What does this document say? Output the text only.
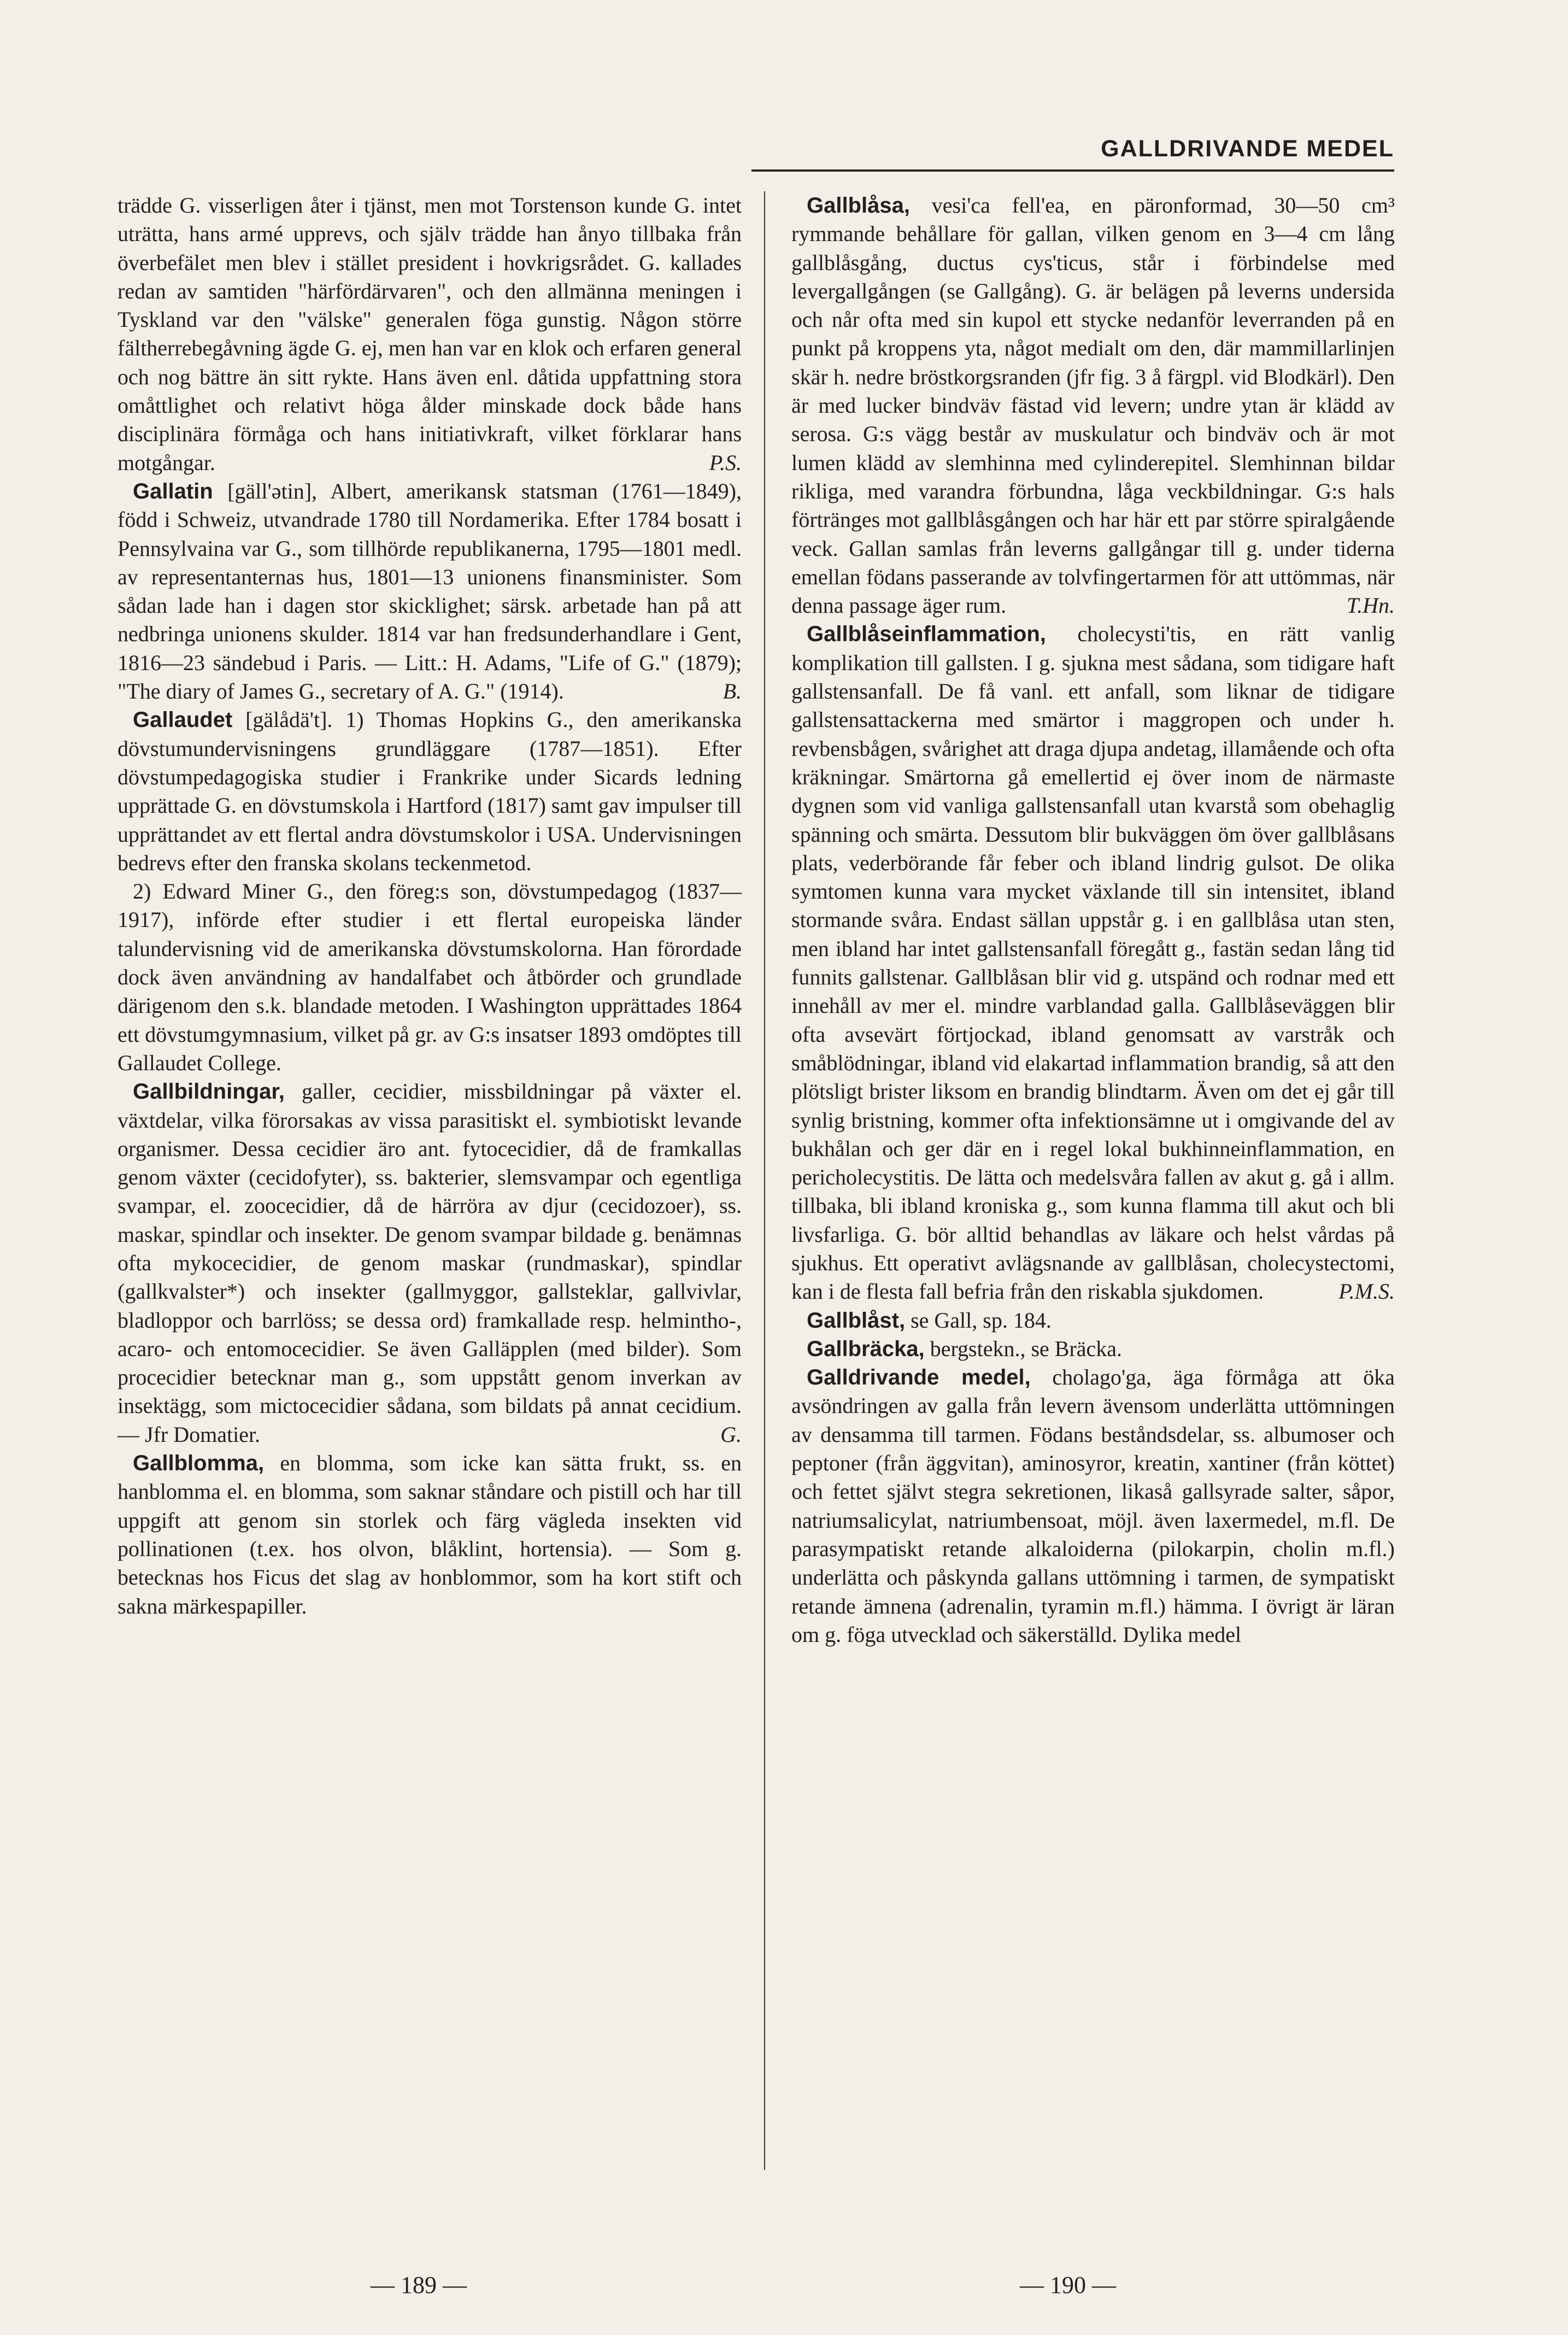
GALLDRIVANDE MEDEL

trädde G. visserligen åter i tjänst, men mot Torstenson kunde G. intet uträtta, hans armé upprevs, och själv trädde han ånyo tillbaka från överbefälet men blev i stället president i hovkrigsrådet. G. kallades redan av samtiden "härfördärvaren", och den allmänna meningen i Tyskland var den "välske" generalen föga gunstig. Någon större fältherrebegåvning ägde G. ej, men han var en klok och erfaren general och nog bättre än sitt rykte. Hans även enl. dåtida uppfattning stora omåttlighet och relativt höga ålder minskade dock både hans disciplinära förmåga och hans initiativkraft, vilket förklarar hans motgångar.	P.S.

Gallatin [gäll'ətin], Albert, amerikansk statsman (1761—1849), född i Schweiz, utvandrade 1780 till Nordamerika. Efter 1784 bosatt i Pennsylvaina var G., som tillhörde republikanerna, 1795—1801 medl. av representanternas hus, 1801—13 unionens finansminister. Som sådan lade han i dagen stor skicklighet; särsk. arbetade han på att nedbringa unionens skulder. 1814 var han fredsunderhandlare i Gent, 1816—23 sändebud i Paris. — Litt.: H. Adams, "Life of G." (1879); "The diary of James G., secretary of A. G." (1914).	B.

Gallaudet [gälådä't]. 1) Thomas Hopkins G., den amerikanska dövstumundervisningens grundläggare (1787—1851). Efter dövstumpedagogiska studier i Frankrike under Sicards ledning upprättade G. en dövstumskola i Hartford (1817) samt gav impulser till upprättandet av ett flertal andra dövstumskolor i USA. Undervisningen bedrevs efter den franska skolans teckenmetod.

2) Edward Miner G., den föreg:s son, dövstumpedagog (1837—1917), införde efter studier i ett flertal europeiska länder talundervisning vid de amerikanska dövstumskolorna. Han förordade dock även användning av handalfabet och åtbörder och grundlade därigenom den s.k. blandade metoden. I Washington upprättades 1864 ett dövstumgymnasium, vilket på gr. av G:s insatser 1893 omdöptes till Gallaudet College.

Gallbildningar, galler, cecidier, missbildningar på växter el. växtdelar, vilka förorsakas av vissa parasitiskt el. symbiotiskt levande organismer. Dessa cecidier äro ant. fytocecidier, då de framkallas genom växter (cecidofyter), ss. bakterier, slemsvampar och egentliga svampar, el. zoocecidier, då de härröra av djur (cecidozoer), ss. maskar, spindlar och insekter. De genom svampar bildade g. benämnas ofta mykocecidier, de genom maskar (rundmaskar), spindlar (gallkvalster*) och insekter (gallmyggor, gallsteklar, gallvivlar, bladloppor och barrlöss; se dessa ord) framkallade resp. helmintho-, acaro- och entomocecidier. Se även Galläpplen (med bilder). Som procecidier betecknar man g., som uppstått genom inverkan av insektägg, som mictocecidier sådana, som bildats på annat cecidium. — Jfr Domatier.	G.

Gallblomma, en blomma, som icke kan sätta frukt, ss. en hanblomma el. en blomma, som saknar ståndare och pistill och har till uppgift att genom sin storlek och färg vägleda insekten vid pollinationen (t.ex. hos olvon, blåklint, hortensia). — Som g. betecknas hos Ficus det slag av honblommor, som ha kort stift och sakna märkespapiller.

Gallblåsa, vesi'ca fell'ea, en päronformad, 30—50 cm³ rymmande behållare för gallan, vilken genom en 3—4 cm lång gallblåsgång, ductus cys'ticus, står i förbindelse med levergallgången (se Gallgång). G. är belägen på leverns undersida och når ofta med sin kupol ett stycke nedanför leverranden på en punkt på kroppens yta, något medialt om den, där mammillarlinjen skär h. nedre bröstkorgsranden (jfr fig. 3 å färgpl. vid Blodkärl). Den är med lucker bindväv fästad vid levern; undre ytan är klädd av serosa. G:s vägg består av muskulatur och bindväv och är mot lumen klädd av slemhinna med cylinderepitel. Slemhinnan bildar rikliga, med varandra förbundna, låga veckbildningar. G:s hals förtränges mot gallblåsgången och har här ett par större spiralgående veck. Gallan samlas från leverns gallgångar till g. under tiderna emellan födans passerande av tolvfingertarmen för att uttömmas, när denna passage äger rum.	T.Hn.

Gallblåseinflammation, cholecysti'tis, en rätt vanlig komplikation till gallsten. I g. sjukna mest sådana, som tidigare haft gallstensanfall. De få vanl. ett anfall, som liknar de tidigare gallstensattackerna med smärtor i maggropen och under h. revbensbågen, svårighet att draga djupa andetag, illamående och ofta kräkningar. Smärtorna gå emellertid ej över inom de närmaste dygnen som vid vanliga gallstensanfall utan kvarstå som obehaglig spänning och smärta. Dessutom blir bukväggen öm över gallblåsans plats, vederbörande får feber och ibland lindrig gulsot. De olika symtomen kunna vara mycket växlande till sin intensitet, ibland stormande svåra. Endast sällan uppstår g. i en gallblåsa utan sten, men ibland har intet gallstensanfall föregått g., fastän sedan lång tid funnits gallstenar. Gallblåsan blir vid g. utspänd och rodnar med ett innehåll av mer el. mindre varblandad galla. Gallblåseväggen blir ofta avsevärt förtjockad, ibland genomsatt av varstråk och småblödningar, ibland vid elakartad inflammation brandig, så att den plötsligt brister liksom en brandig blindtarm. Även om det ej går till synlig bristning, kommer ofta infektionsämne ut i omgivande del av bukhålan och ger där en i regel lokal bukhinneinflammation, en pericholecystitis. De lätta och medelsvåra fallen av akut g. gå i allm. tillbaka, bli ibland kroniska g., som kunna flamma till akut och bli livsfarliga. G. bör alltid behandlas av läkare och helst vårdas på sjukhus. Ett operativt avlägsnande av gallblåsan, cholecystectomi, kan i de flesta fall befria från den riskabla sjukdomen.	P.M.S.

Gallblåst, se Gall, sp. 184.

Gallbräcka, bergstekn., se Bräcka.

Galldrivande medel, cholago'ga, äga förmåga att öka avsöndringen av galla från levern ävensom underlätta uttömningen av densamma till tarmen. Födans beståndsdelar, ss. albumoser och peptoner (från äggvitan), aminosyror, kreatin, xantiner (från köttet) och fettet självt stegra sekretionen, likaså gallsyrade salter, såpor, natriumsalicylat, natriumbensoat, möjl. även laxermedel, m.fl. De parasympatiskt retande alkaloiderna (pilokarpin, cholin m.fl.) underlätta och påskynda gallans uttömning i tarmen, de sympatiskt retande ämnena (adrenalin, tyramin m.fl.) hämma. I övrigt är läran om g. föga utvecklad och säkerställd. Dylika medel

— 189 —	— 190 —
